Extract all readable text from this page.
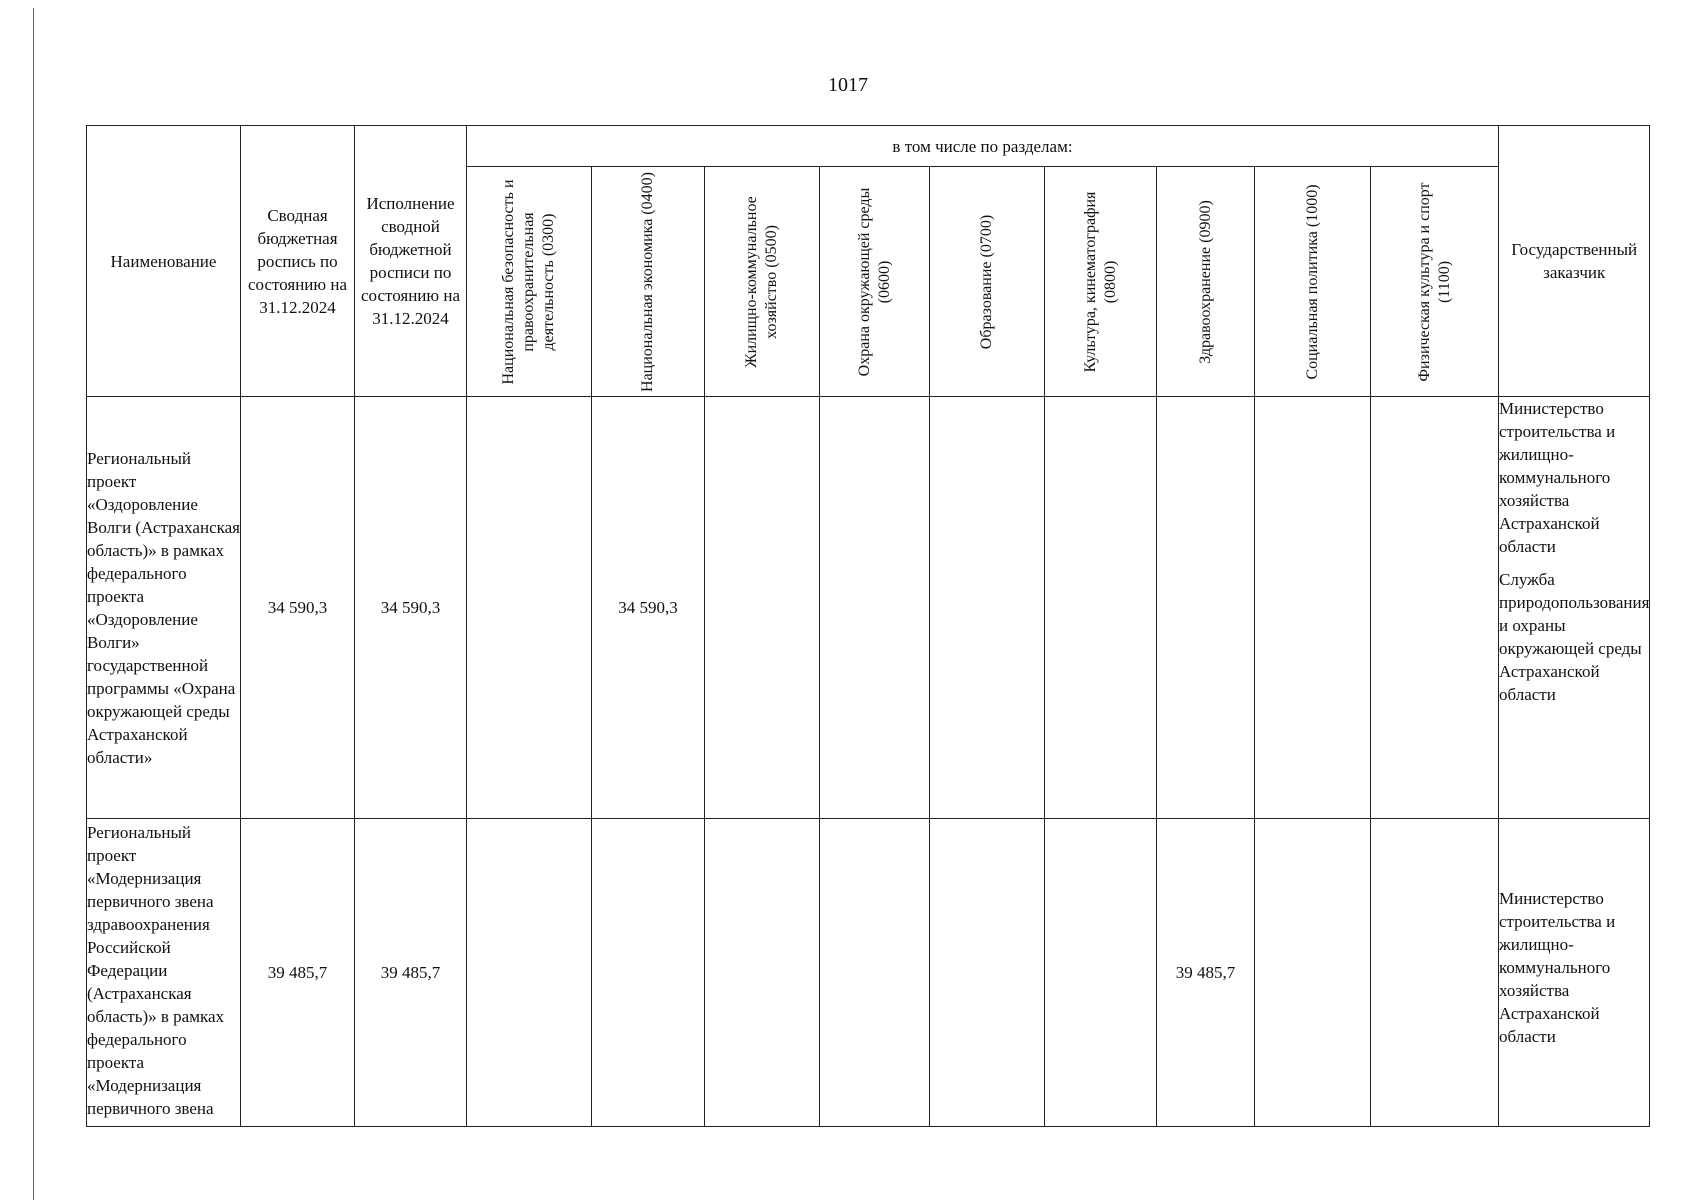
1017
Наименование	Сводная бюджетная роспись по состоянию на 31.12.2024	Исполнение сводной бюджетной росписи по состоянию на 31.12.2024	в том числе по разделам:									Государственный заказчик

			Национальная безопасность и правоохранительная деятельность (0300)	Национальная экономика (0400)	Жилищно-коммунальное хозяйство (0500)	Охрана окружающей среды (0600)	Образование (0700)	Культура, кинематография (0800)	Здравоохранение (0900)	Социальная политика (1000)	Физическая культура и спорт (1100)	

Региональный проект «Оздоровление Волги (Астраханская область)» в рамках федерального проекта «Оздоровление Волги» государственной программы «Охрана окружающей среды Астраханской области»	34 590,3	34 590,3		34 590,3								Министерство строительства и жилищно-коммунального хозяйства Астраханской области

Служба природопользования и охраны окружающей среды Астраханской области

Региональный проект «Модернизация первичного звена здравоохранения Российской Федерации (Астраханская область)» в рамках федерального проекта «Модернизация первичного звена	39 485,7	39 485,7							39 485,7			Министерство строительства и жилищно-коммунального хозяйства Астраханской области
